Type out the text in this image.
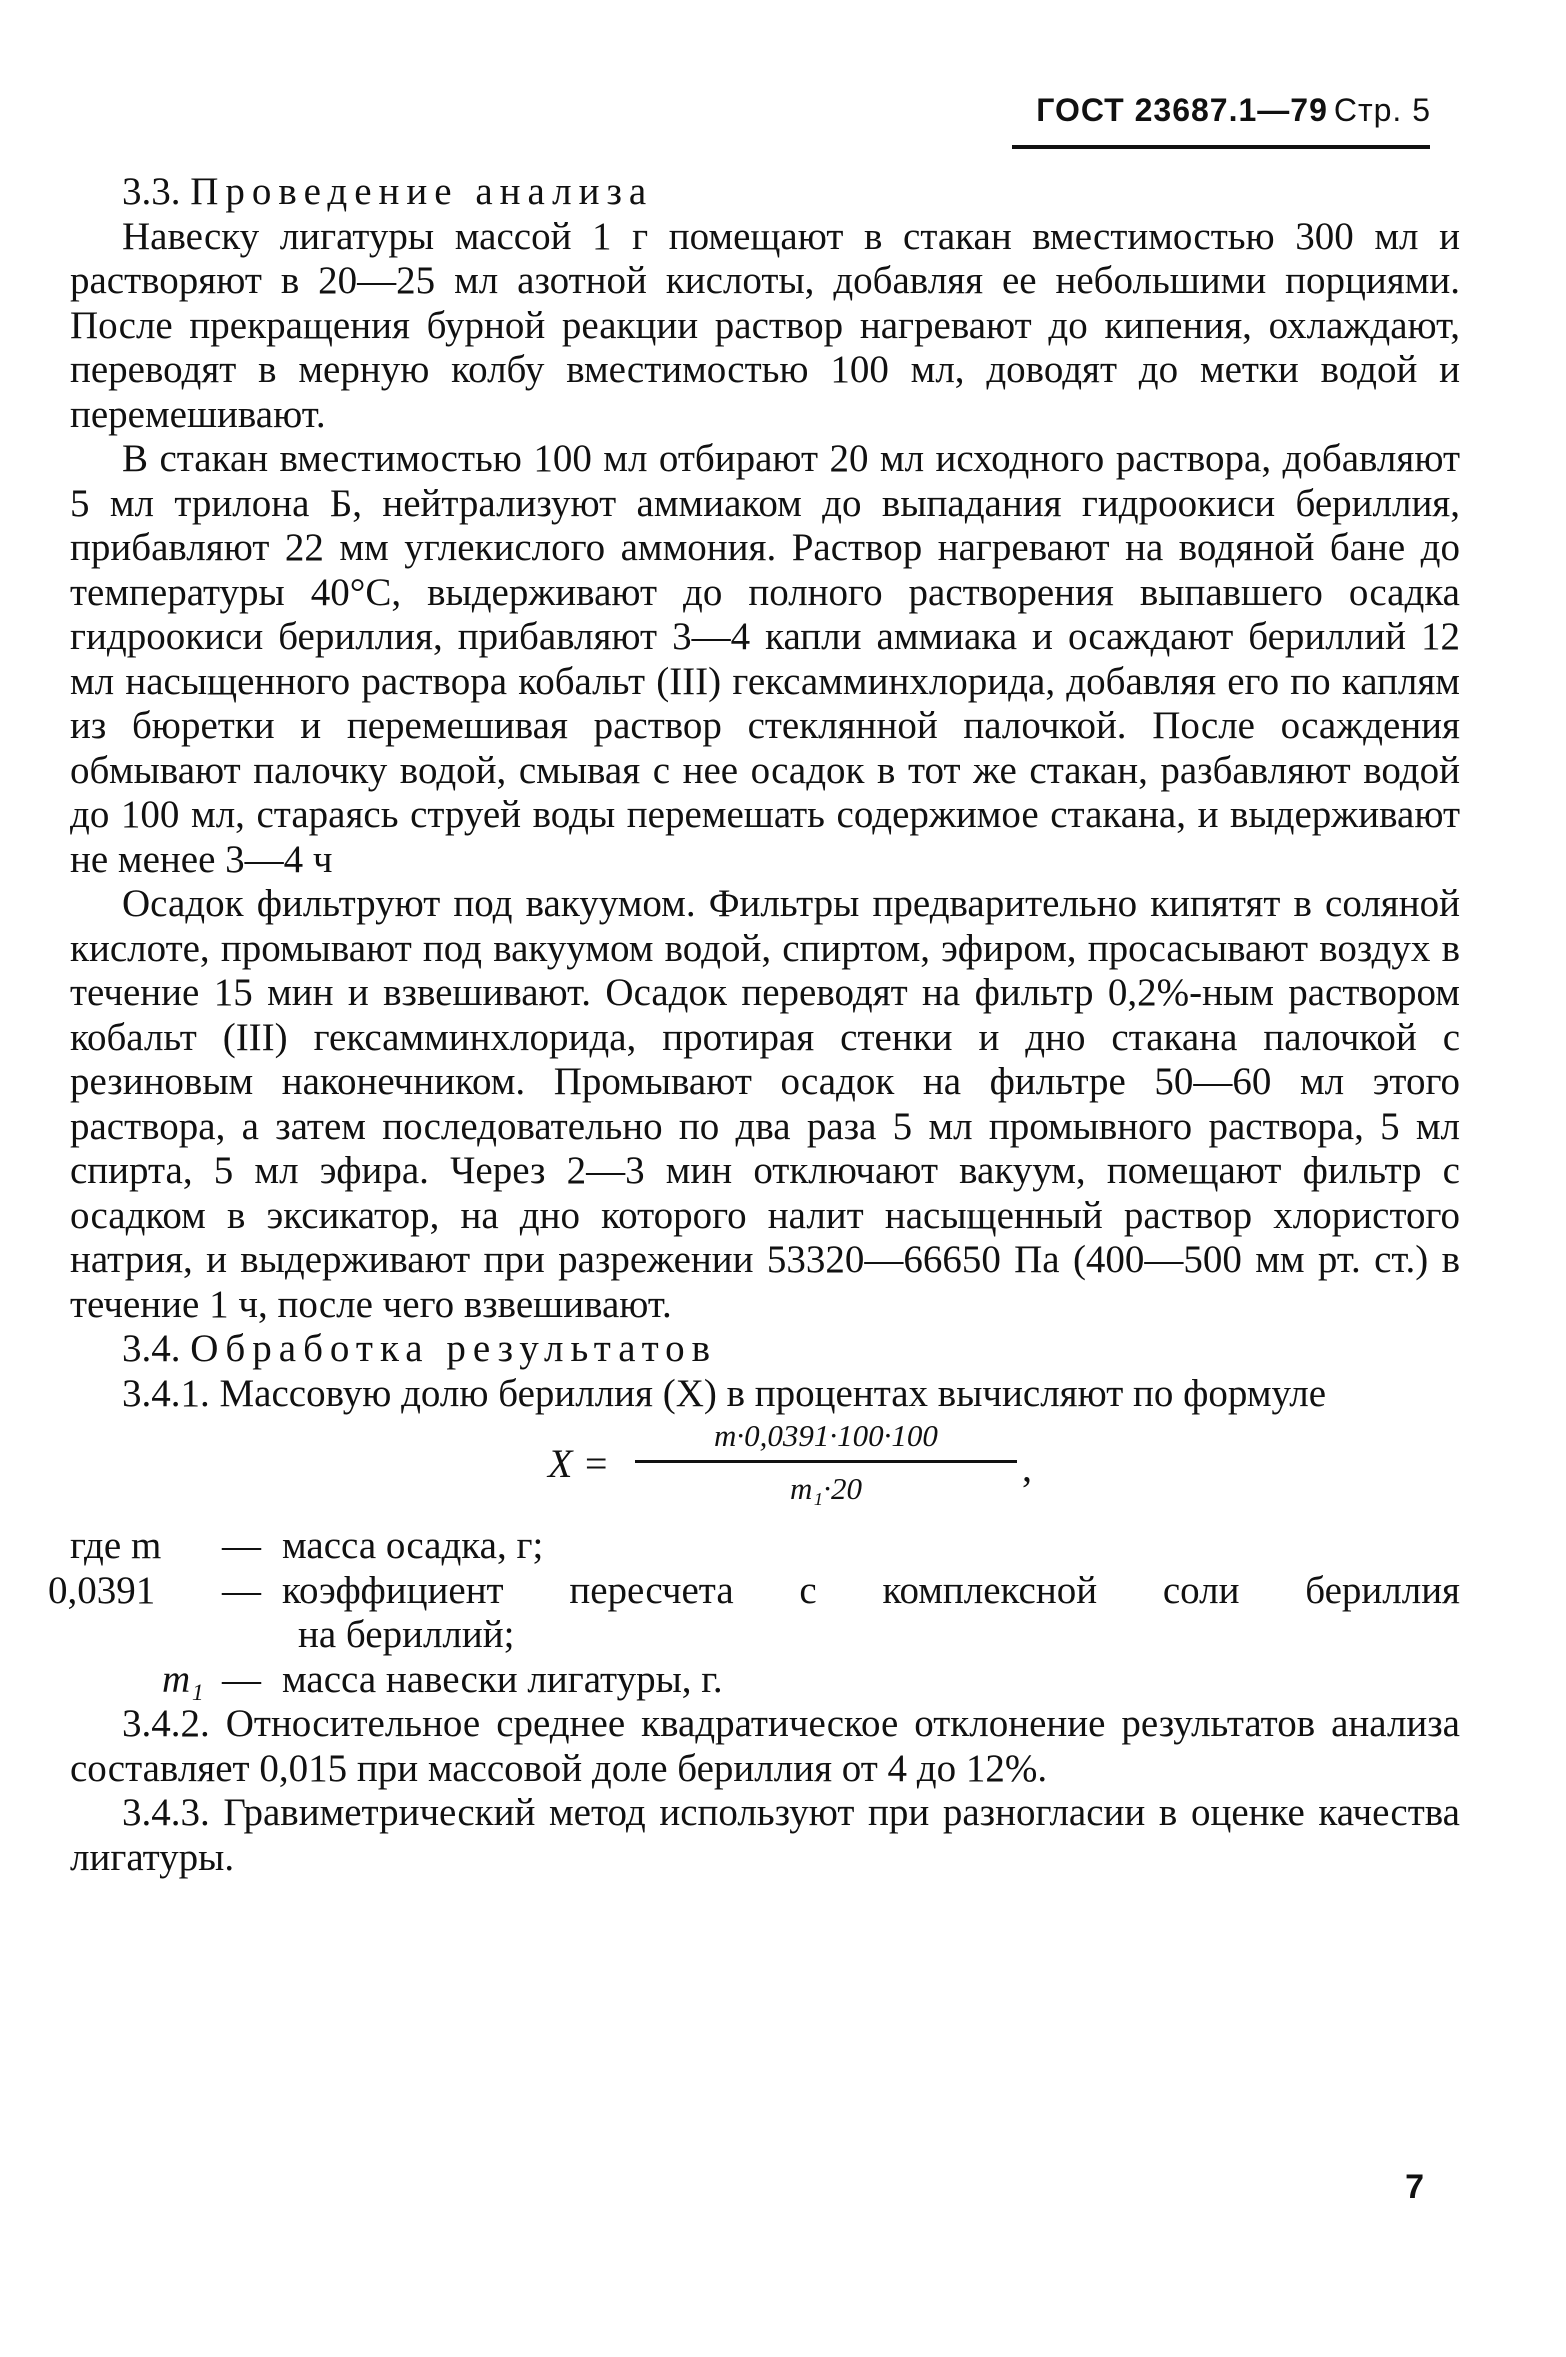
ГОСТ 23687.1—79 Стр. 5

3.3. Проведение анализа

Навеску лигатуры массой 1 г помещают в стакан вместимостью 300 мл и растворяют в 20—25 мл азотной кислоты, добавляя ее небольшими порциями. После прекращения бурной реакции раствор нагревают до кипения, охлаждают, переводят в мерную колбу вместимостью 100 мл, доводят до метки водой и перемешивают.

В стакан вместимостью 100 мл отбирают 20 мл исходного раствора, добавляют 5 мл трилона Б, нейтрализуют аммиаком до выпадания гидроокиси бериллия, прибавляют 22 мм углекислого аммония. Раствор нагревают на водяной бане до температуры 40°С, выдерживают до полного растворения выпавшего осадка гидроокиси бериллия, прибавляют 3—4 капли аммиака и осаждают бериллий 12 мл насыщенного раствора кобальт (III) гексамминхлорида, добавляя его по каплям из бюретки и перемешивая раствор стеклянной палочкой. После осаждения обмывают палочку водой, смывая с нее осадок в тот же стакан, разбавляют водой до 100 мл, стараясь струей воды перемешать содержимое стакана, и выдерживают не менее 3—4 ч

Осадок фильтруют под вакуумом. Фильтры предварительно кипятят в соляной кислоте, промывают под вакуумом водой, спиртом, эфиром, просасывают воздух в течение 15 мин и взвешивают. Осадок переводят на фильтр 0,2%-ным раствором кобальт (III) гексамминхлорида, протирая стенки и дно стакана палочкой с резиновым наконечником. Промывают осадок на фильтре 50—60 мл этого раствора, а затем последовательно по два раза 5 мл промывного раствора, 5 мл спирта, 5 мл эфира. Через 2—3 мин отключают вакуум, помещают фильтр с осадком в эксикатор, на дно которого налит насыщенный раствор хлористого натрия, и выдерживают при разрежении 53320—66650 Па (400—500 мм рт. ст.) в течение 1 ч, после чего взвешивают.

3.4. Обработка результатов

3.4.1. Массовую долю бериллия (X) в процентах вычисляют по формуле

X =
m·0,0391·100·100
m₁·20	,
где m — масса осадка, г;
0,0391 — коэффициент пересчета с комплексной соли бериллия
на бериллий;
m₁ — масса навески лигатуры, г.

3.4.2. Относительное среднее квадратическое отклонение результатов анализа составляет 0,015 при массовой доле бериллия от 4 до 12%.

3.4.3. Гравиметрический метод используют при разногласии в оценке качества лигатуры.

7
